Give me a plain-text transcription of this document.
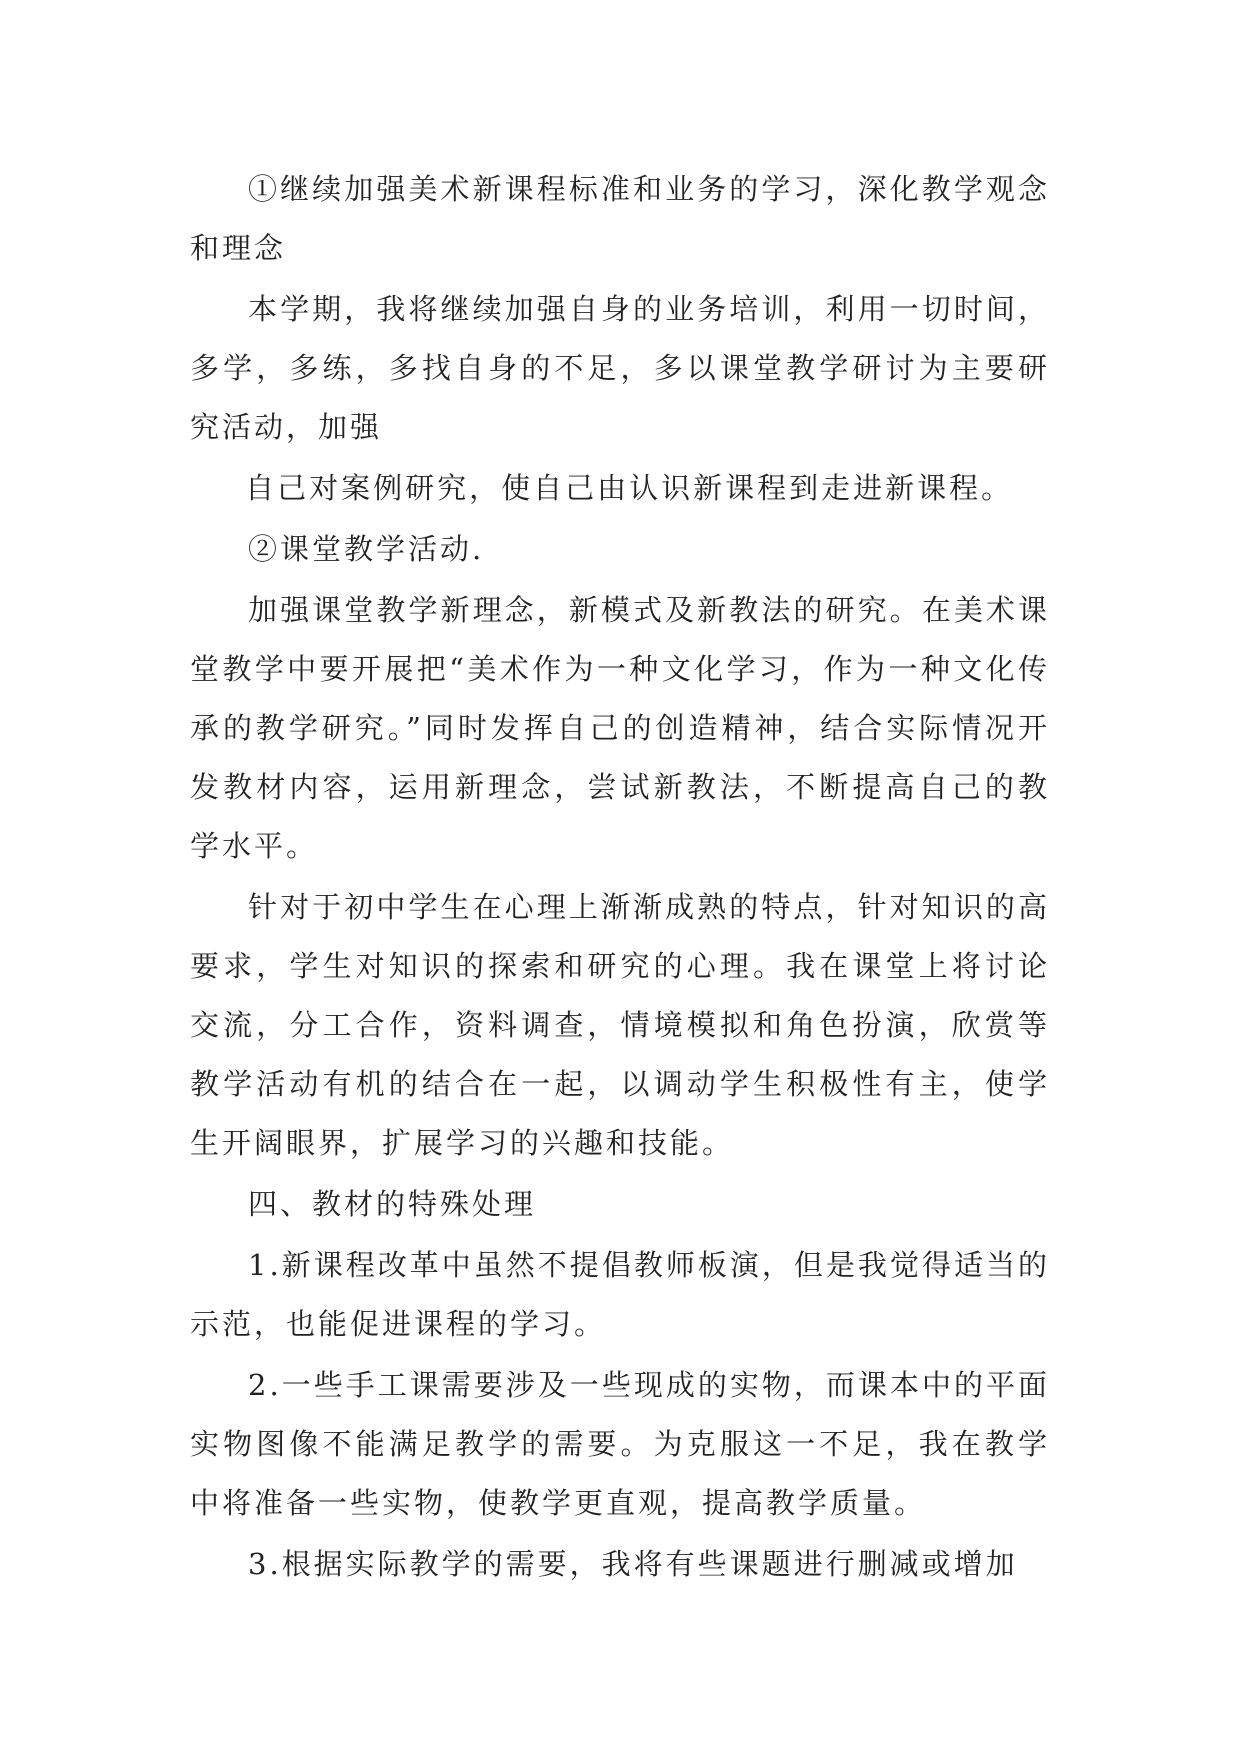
①继续加强美术新课程标准和业务的学习，深化教学观念和理念

本学期，我将继续加强自身的业务培训，利用一切时间，多学，多练，多找自身的不足，多以课堂教学研讨为主要研究活动，加强

自己对案例研究，使自己由认识新课程到走进新课程。

②课堂教学活动.

加强课堂教学新理念，新模式及新教法的研究。在美术课堂教学中要开展把“美术作为一种文化学习，作为一种文化传承的教学研究。”同时发挥自己的创造精神，结合实际情况开发教材内容，运用新理念，尝试新教法，不断提高自己的教学水平。

针对于初中学生在心理上渐渐成熟的特点，针对知识的高要求，学生对知识的探索和研究的心理。我在课堂上将讨论交流，分工合作，资料调查，情境模拟和角色扮演，欣赏等教学活动有机的结合在一起，以调动学生积极性有主，使学生开阔眼界，扩展学习的兴趣和技能。

四、教材的特殊处理

1.新课程改革中虽然不提倡教师板演，但是我觉得适当的示范，也能促进课程的学习。

2.一些手工课需要涉及一些现成的实物，而课本中的平面实物图像不能满足教学的需要。为克服这一不足，我在教学中将准备一些实物，使教学更直观，提高教学质量。

3.根据实际教学的需要，我将有些课题进行删减或增加
